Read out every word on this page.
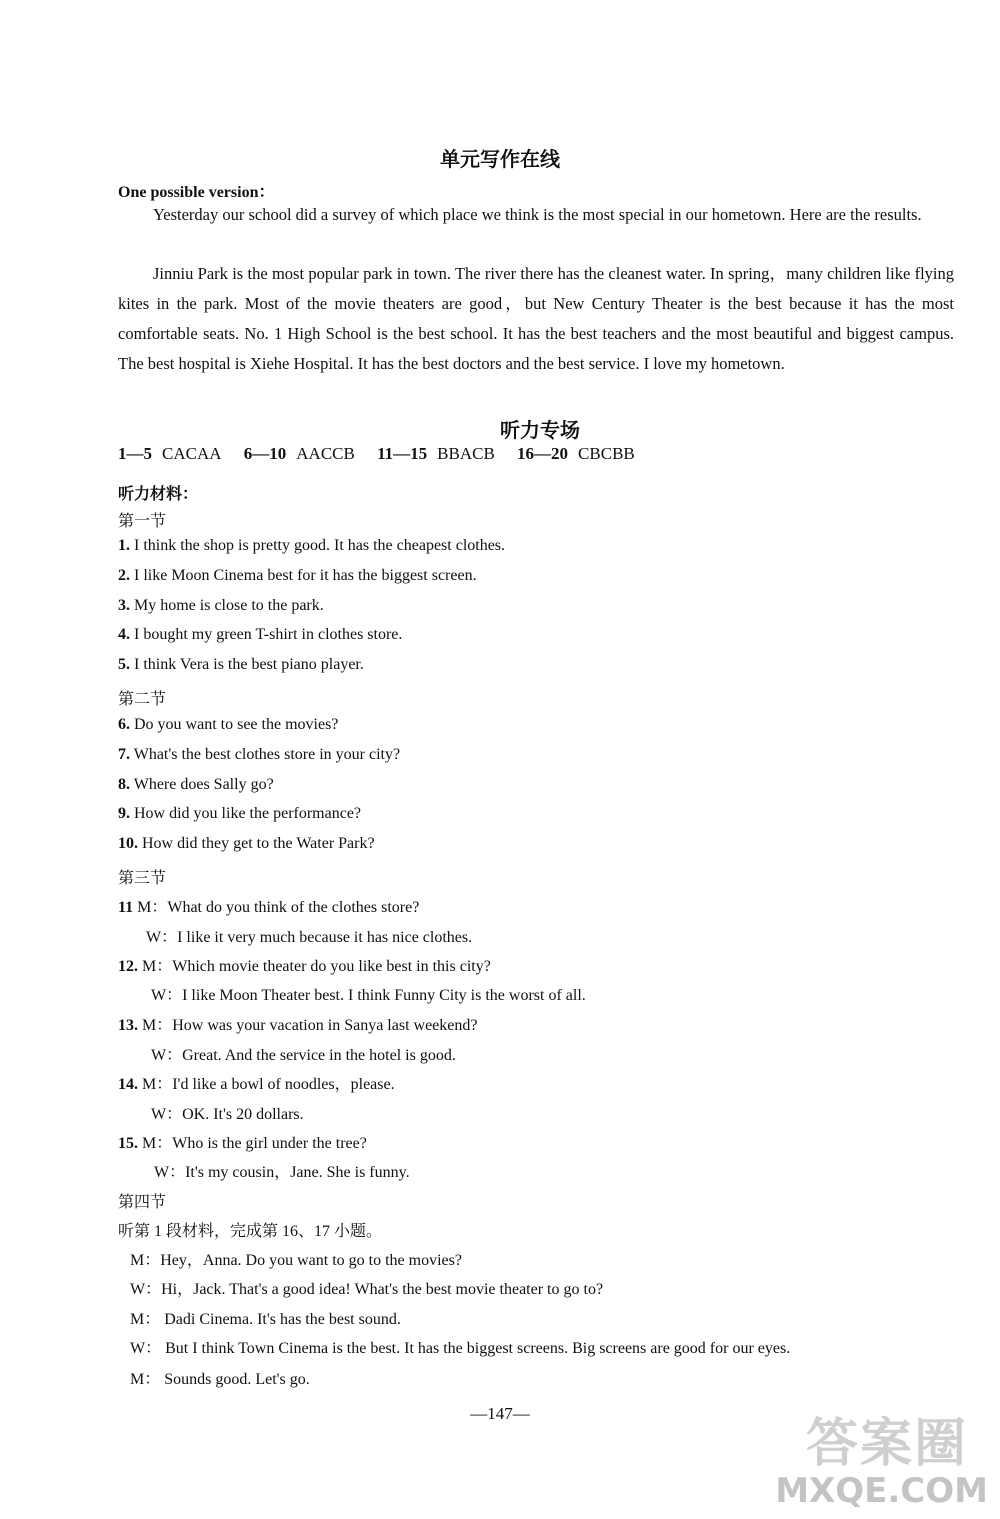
单元写作在线
One possible version：
Yesterday our school did a survey of which place we think is the most special in our hometown. Here are the results.
Jinniu Park is the most popular park in town. The river there has the cleanest water. In spring，many children like flying kites in the park. Most of the movie theaters are good，but New Century Theater is the best because it has the most comfortable seats. No. 1 High School is the best school. It has the best teachers and the most beautiful and biggest campus. The best hospital is Xiehe Hospital. It has the best doctors and the best service. I love my hometown.
听力专场
1—5 CACAA 6—10 AACCB 11—15 BBACB 16—20 CBCBB
听力材料：
第一节
1. I think the shop is pretty good. It has the cheapest clothes.
2. I like Moon Cinema best for it has the biggest screen.
3. My home is close to the park.
4. I bought my green T-shirt in clothes store.
5. I think Vera is the best piano player.
第二节
6. Do you want to see the movies?
7. What's the best clothes store in your city?
8. Where does Sally go?
9. How did you like the performance?
10. How did they get to the Water Park?
第三节
11 M：What do you think of the clothes store?
W：I like it very much because it has nice clothes.
12. M：Which movie theater do you like best in this city?
W：I like Moon Theater best. I think Funny City is the worst of all.
13. M：How was your vacation in Sanya last weekend?
W：Great. And the service in the hotel is good.
14. M：I'd like a bowl of noodles，please.
W：OK. It's 20 dollars.
15. M：Who is the girl under the tree?
W：It's my cousin，Jane. She is funny.
第四节
听第 1 段材料，完成第 16、17 小题。
M：Hey，Anna. Do you want to go to the movies?
W：Hi，Jack. That's a good idea! What's the best movie theater to go to?
M： Dadi Cinema. It's has the best sound.
W： But I think Town Cinema is the best. It has the biggest screens. Big screens are good for our eyes.
M： Sounds good. Let's go.
—147—
答案圈
MXQE.COM
